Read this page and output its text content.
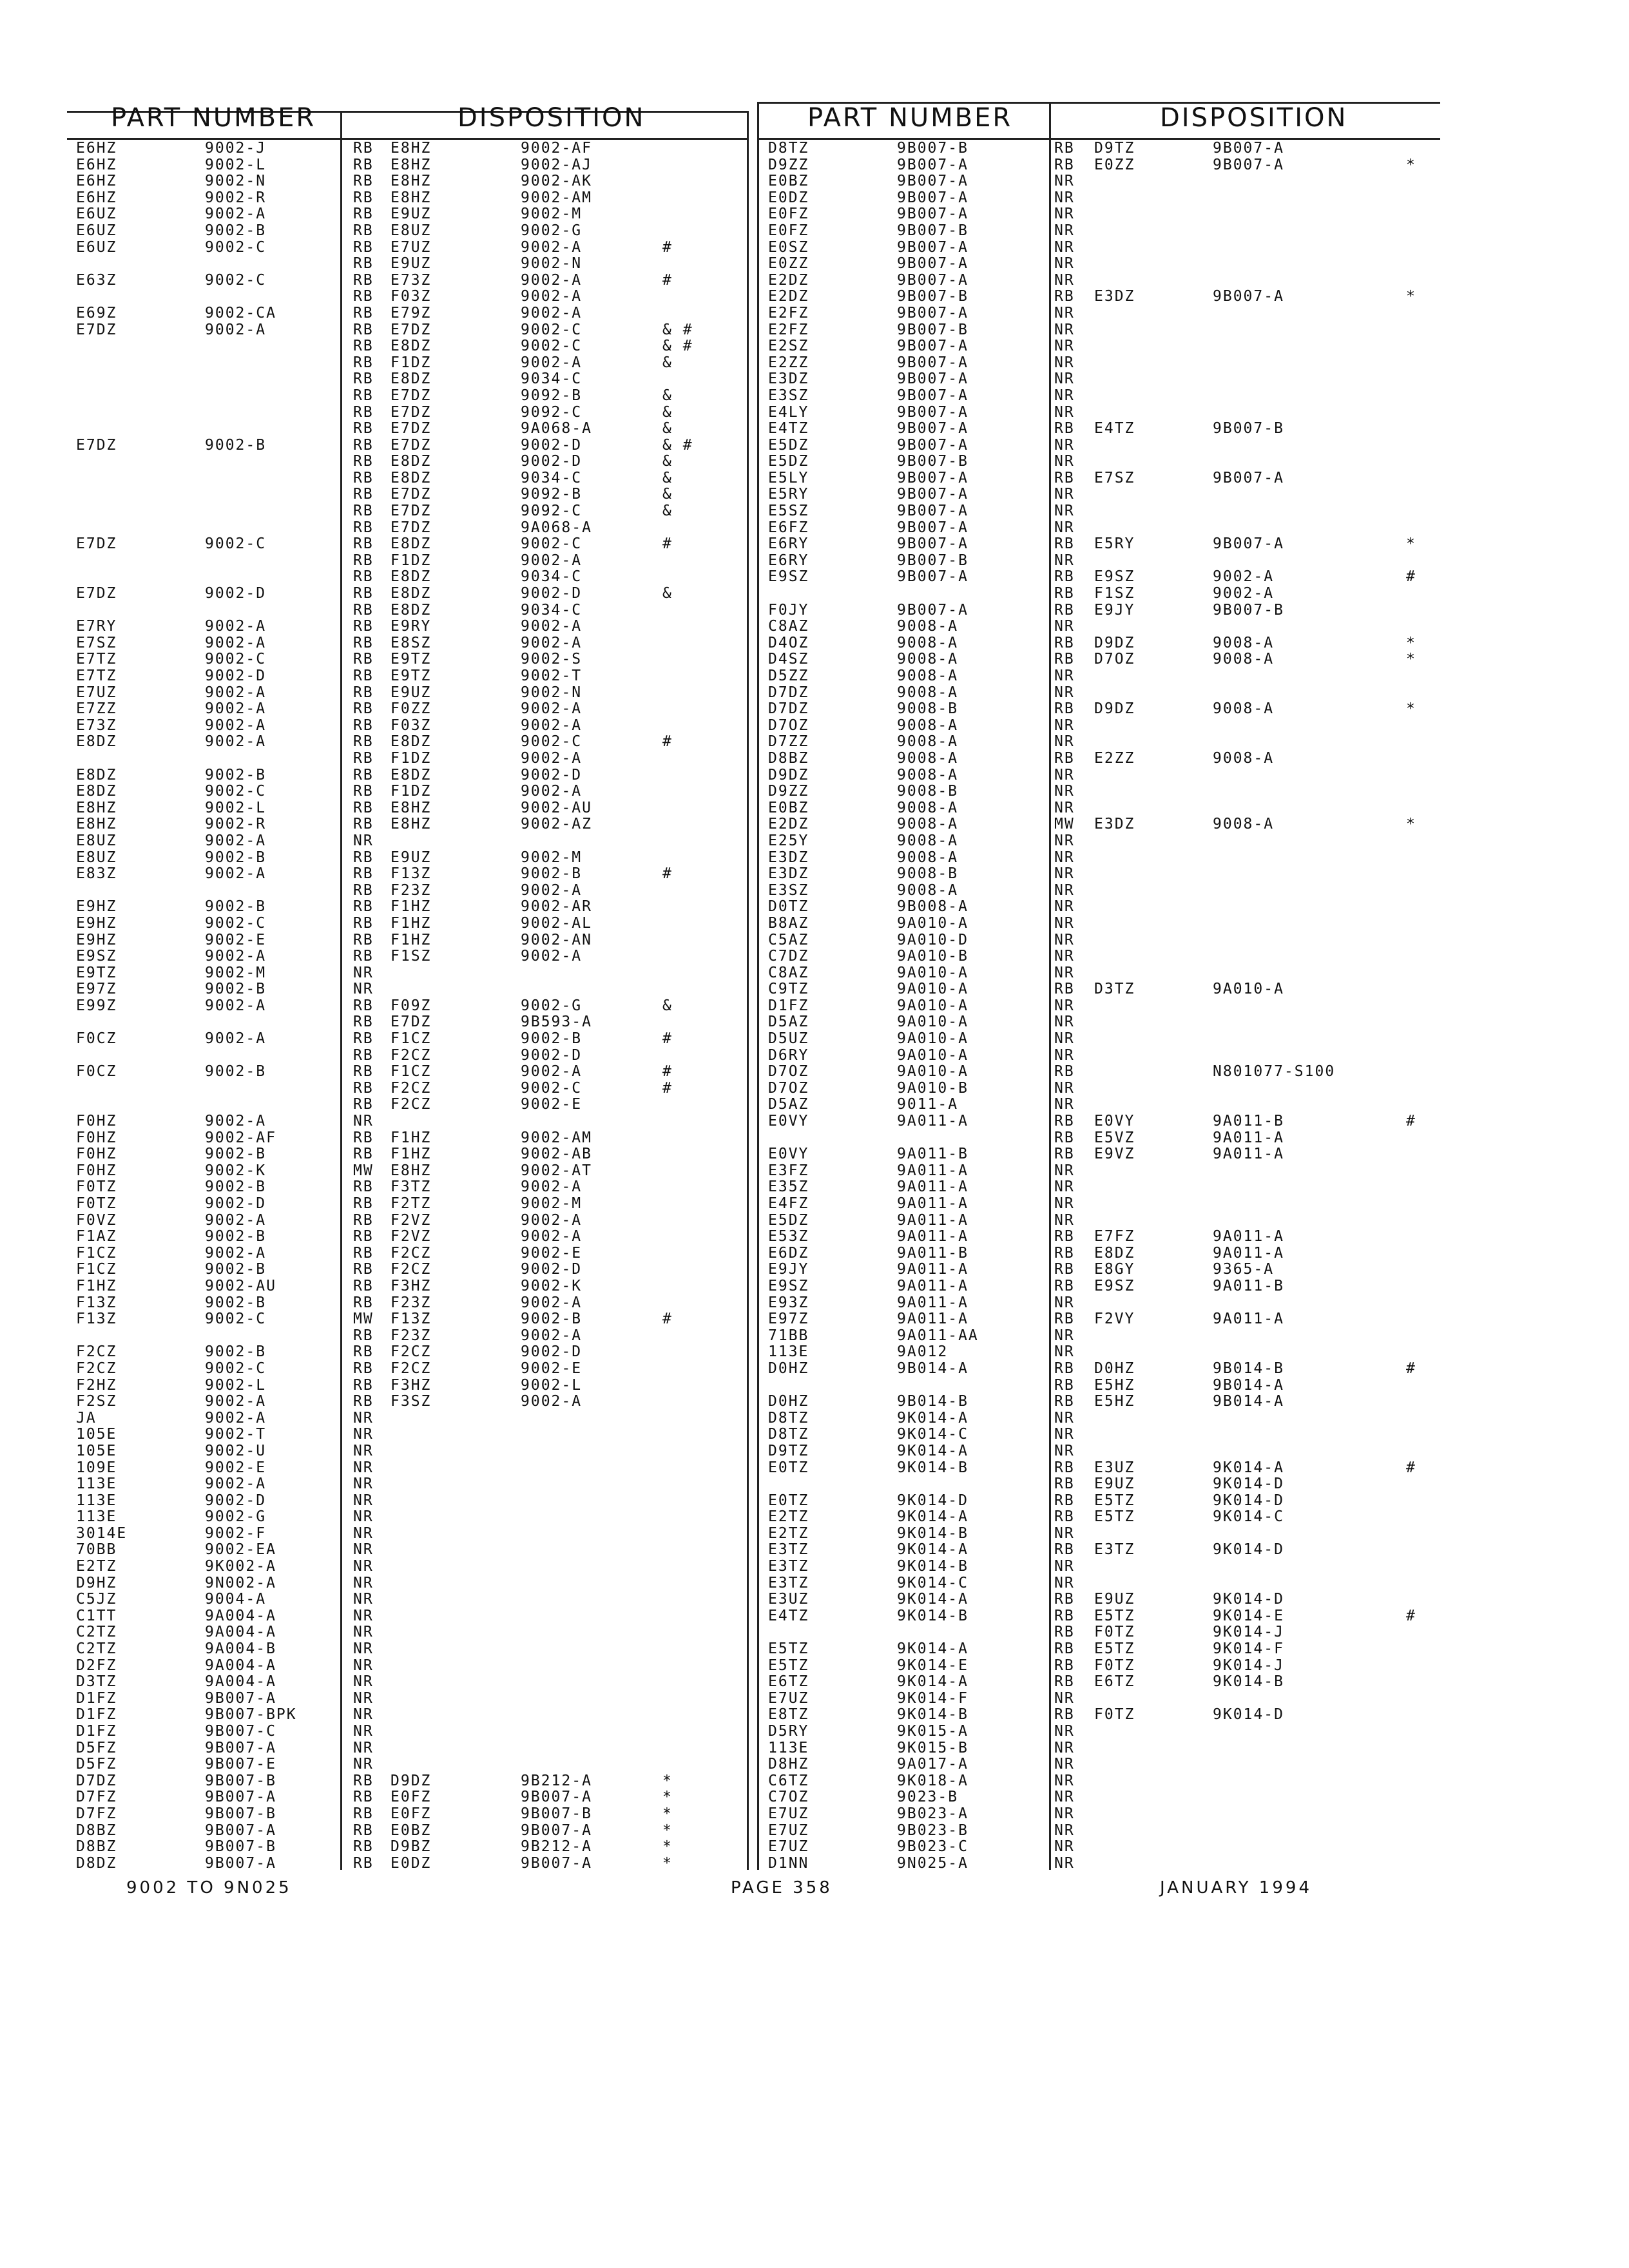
PART NUMBER	DISPOSITION	PART NUMBER	DISPOSITION
E6HZ	9002-J	RB E8HZ	9002-AF
E6HZ	9002-L	RB E8HZ	9002-AJ
E6HZ	9002-N	RB E8HZ	9002-AK
E6HZ	9002-R	RB E8HZ	9002-AM
E6UZ	9002-A	RB E9UZ	9002-M
E6UZ	9002-B	RB E8UZ	9002-G
E6UZ	9002-C	RB E7UZ	9002-A	#
RB E9UZ	9002-N
E63Z	9002-C	RB E73Z	9002-A	#
RB F03Z	9002-A
E69Z	9002-CA	RB E79Z	9002-A
E7DZ	9002-A	RB E7DZ	9002-C	& #
RB E8DZ	9002-C	& #
RB F1DZ	9002-A	&
RB E8DZ	9034-C
RB E7DZ	9092-B	&
RB E7DZ	9092-C	&
RB E7DZ	9A068-A	&
E7DZ	9002-B	RB E7DZ	9002-D	& #
RB E8DZ	9002-D	&
RB E8DZ	9034-C	&
RB E7DZ	9092-B	&
RB E7DZ	9092-C	&
RB E7DZ	9A068-A
E7DZ	9002-C	RB E8DZ	9002-C	#
RB F1DZ	9002-A
RB E8DZ	9034-C
E7DZ	9002-D	RB E8DZ	9002-D	&
RB E8DZ	9034-C
E7RY	9002-A	RB E9RY	9002-A
E7SZ	9002-A	RB E8SZ	9002-A
E7TZ	9002-C	RB E9TZ	9002-S
E7TZ	9002-D	RB E9TZ	9002-T
E7UZ	9002-A	RB E9UZ	9002-N
E7ZZ	9002-A	RB F0ZZ	9002-A
E73Z	9002-A	RB F03Z	9002-A
E8DZ	9002-A	RB E8DZ	9002-C	#
RB F1DZ	9002-A
E8DZ	9002-B	RB E8DZ	9002-D
E8DZ	9002-C	RB F1DZ	9002-A
E8HZ	9002-L	RB E8HZ	9002-AU
E8HZ	9002-R	RB E8HZ	9002-AZ
E8UZ	9002-A	NR
E8UZ	9002-B	RB E9UZ	9002-M
E83Z	9002-A	RB F13Z	9002-B	#
RB F23Z	9002-A
E9HZ	9002-B	RB F1HZ	9002-AR
E9HZ	9002-C	RB F1HZ	9002-AL
E9HZ	9002-E	RB F1HZ	9002-AN
E9SZ	9002-A	RB F1SZ	9002-A
E9TZ	9002-M	NR
E97Z	9002-B	NR
E99Z	9002-A	RB F09Z	9002-G	&
RB E7DZ	9B593-A
F0CZ	9002-A	RB F1CZ	9002-B	#
RB F2CZ	9002-D
F0CZ	9002-B	RB F1CZ	9002-A	#
RB F2CZ	9002-C	#
RB F2CZ	9002-E
F0HZ	9002-A	NR
F0HZ	9002-AF	RB F1HZ	9002-AM
F0HZ	9002-B	RB F1HZ	9002-AB
F0HZ	9002-K	MW E8HZ	9002-AT
F0TZ	9002-B	RB F3TZ	9002-A
F0TZ	9002-D	RB F2TZ	9002-M
F0VZ	9002-A	RB F2VZ	9002-A
F1AZ	9002-B	RB F2VZ	9002-A
F1CZ	9002-A	RB F2CZ	9002-E
F1CZ	9002-B	RB F2CZ	9002-D
F1HZ	9002-AU	RB F3HZ	9002-K
F13Z	9002-B	RB F23Z	9002-A
F13Z	9002-C	MW F13Z	9002-B	#
RB F23Z	9002-A
F2CZ	9002-B	RB F2CZ	9002-D
F2CZ	9002-C	RB F2CZ	9002-E
F2HZ	9002-L	RB F3HZ	9002-L
F2SZ	9002-A	RB F3SZ	9002-A
JA	9002-A	NR
105E	9002-T	NR
105E	9002-U	NR
109E	9002-E	NR
113E	9002-A	NR
113E	9002-D	NR
113E	9002-G	NR
3014E	9002-F	NR
70BB	9002-EA	NR
E2TZ	9K002-A	NR
D9HZ	9N002-A	NR
C5JZ	9004-A	NR
C1TT	9A004-A	NR
C2TZ	9A004-A	NR
C2TZ	9A004-B	NR
D2FZ	9A004-A	NR
D3TZ	9A004-A	NR
D1FZ	9B007-A	NR
D1FZ	9B007-BPK	NR
D1FZ	9B007-C	NR
D5FZ	9B007-A	NR
D5FZ	9B007-E	NR
D7DZ	9B007-B	RB D9DZ	9B212-A	*
D7FZ	9B007-A	RB E0FZ	9B007-A	*
D7FZ	9B007-B	RB E0FZ	9B007-B	*
D8BZ	9B007-A	RB E0BZ	9B007-A	*
D8BZ	9B007-B	RB D9BZ	9B212-A	*
D8DZ	9B007-A	RB E0DZ	9B007-A	*
D8TZ	9B007-B	RB D9TZ	9B007-A
D9ZZ	9B007-A	RB E0ZZ	9B007-A	*
E0BZ	9B007-A	NR
E0DZ	9B007-A	NR
E0FZ	9B007-A	NR
E0FZ	9B007-B	NR
E0SZ	9B007-A	NR
E0ZZ	9B007-A	NR
E2DZ	9B007-A	NR
E2DZ	9B007-B	RB E3DZ	9B007-A	*
E2FZ	9B007-A	NR
E2FZ	9B007-B	NR
E2SZ	9B007-A	NR
E2ZZ	9B007-A	NR
E3DZ	9B007-A	NR
E3SZ	9B007-A	NR
E4LY	9B007-A	NR
E4TZ	9B007-A	RB E4TZ	9B007-B
E5DZ	9B007-A	NR
E5DZ	9B007-B	NR
E5LY	9B007-A	RB E7SZ	9B007-A
E5RY	9B007-A	NR
E5SZ	9B007-A	NR
E6FZ	9B007-A	NR
E6RY	9B007-A	RB E5RY	9B007-A	*
E6RY	9B007-B	NR
E9SZ	9B007-A	RB E9SZ	9002-A	#
RB F1SZ	9002-A
F0JY	9B007-A	RB E9JY	9B007-B
C8AZ	9008-A	NR
D4OZ	9008-A	RB D9DZ	9008-A	*
D4SZ	9008-A	RB D7OZ	9008-A	*
D5ZZ	9008-A	NR
D7DZ	9008-A	NR
D7DZ	9008-B	RB D9DZ	9008-A	*
D7OZ	9008-A	NR
D7ZZ	9008-A	NR
D8BZ	9008-A	RB E2ZZ	9008-A
D9DZ	9008-A	NR
D9ZZ	9008-B	NR
E0BZ	9008-A	NR
E2DZ	9008-A	MW E3DZ	9008-A	*
E25Y	9008-A	NR
E3DZ	9008-A	NR
E3DZ	9008-B	NR
E3SZ	9008-A	NR
D0TZ	9B008-A	NR
B8AZ	9A010-A	NR
C5AZ	9A010-D	NR
C7DZ	9A010-B	NR
C8AZ	9A010-A	NR
C9TZ	9A010-A	RB D3TZ	9A010-A
D1FZ	9A010-A	NR
D5AZ	9A010-A	NR
D5UZ	9A010-A	NR
D6RY	9A010-A	NR
D7OZ	9A010-A	RB	N801077-S100
D7OZ	9A010-B	NR
D5AZ	9011-A	NR
E0VY	9A011-A	RB E0VY	9A011-B	#
RB E5VZ	9A011-A
E0VY	9A011-B	RB E9VZ	9A011-A
E3FZ	9A011-A	NR
E35Z	9A011-A	NR
E4FZ	9A011-A	NR
E5DZ	9A011-A	NR
E53Z	9A011-A	RB E7FZ	9A011-A
E6DZ	9A011-B	RB E8DZ	9A011-A
E9JY	9A011-A	RB E8GY	9365-A
E9SZ	9A011-A	RB E9SZ	9A011-B
E93Z	9A011-A	NR
E97Z	9A011-A	RB F2VY	9A011-A
71BB	9A011-AA	NR
113E	9A012	NR
D0HZ	9B014-A	RB D0HZ	9B014-B	#
RB E5HZ	9B014-A
D0HZ	9B014-B	RB E5HZ	9B014-A
D8TZ	9K014-A	NR
D8TZ	9K014-C	NR
D9TZ	9K014-A	NR
E0TZ	9K014-B	RB E3UZ	9K014-A	#
RB E9UZ	9K014-D
E0TZ	9K014-D	RB E5TZ	9K014-D
E2TZ	9K014-A	RB E5TZ	9K014-C
E2TZ	9K014-B	NR
E3TZ	9K014-A	RB E3TZ	9K014-D
E3TZ	9K014-B	NR
E3TZ	9K014-C	NR
E3UZ	9K014-A	RB E9UZ	9K014-D
E4TZ	9K014-B	RB E5TZ	9K014-E	#
RB F0TZ	9K014-J
E5TZ	9K014-A	RB E5TZ	9K014-F
E5TZ	9K014-E	RB F0TZ	9K014-J
E6TZ	9K014-A	RB E6TZ	9K014-B
E7UZ	9K014-F	NR
E8TZ	9K014-B	RB F0TZ	9K014-D
D5RY	9K015-A	NR
113E	9K015-B	NR
D8HZ	9A017-A	NR
C6TZ	9K018-A	NR
C7OZ	9023-B	NR
E7UZ	9B023-A	NR
E7UZ	9B023-B	NR
E7UZ	9B023-C	NR
D1NN	9N025-A	NR
9002 TO 9N025	PAGE 358	JANUARY 1994
